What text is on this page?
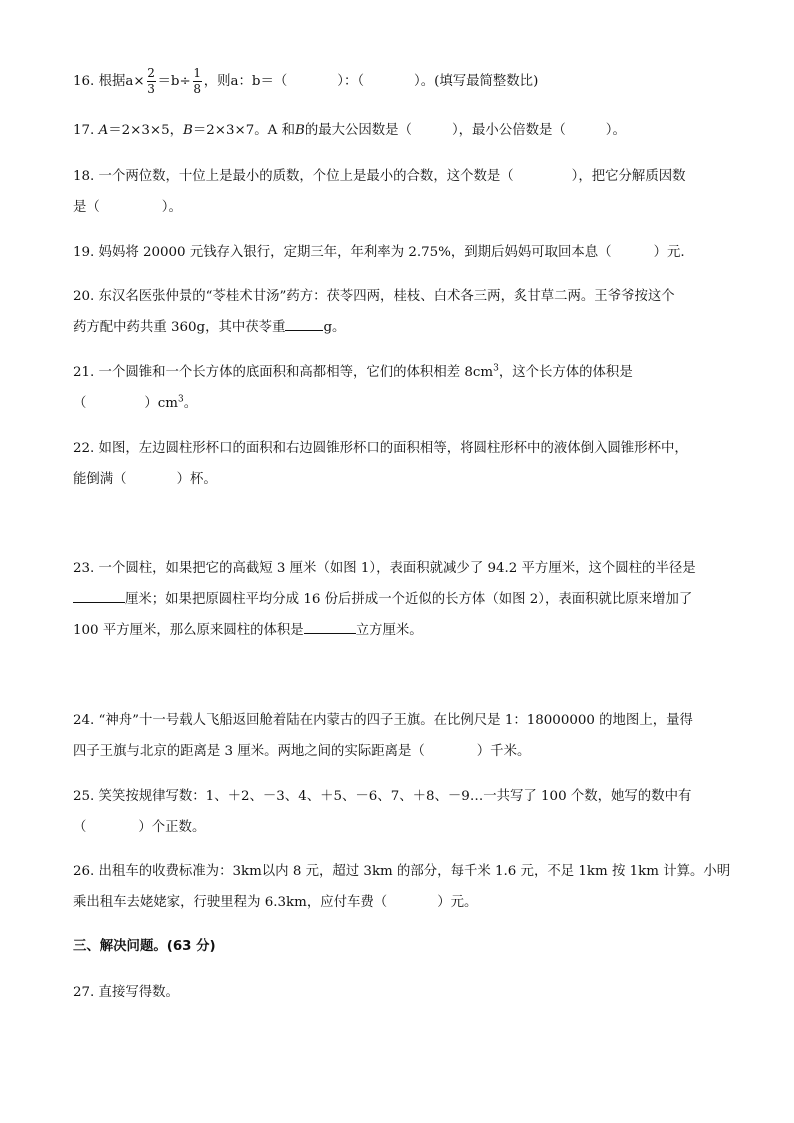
16. 根据$a\times \frac{2}{3} =b\div \frac{1}{8}$ ，则a：b＝（	）：（	）。(填写最简整数比)

17. A＝2×3×5，B＝2×3×7。A 和B的最大公因数是（	），最小公倍数是（	）。

18. 一个两位数，十位上是最小的质数，个位上是最小的合数，这个数是（	），把它分解质因数
是（	）。

19. 妈妈将 20000 元钱存入银行，定期三年，年利率为 2.75%，到期后妈妈可取回本息（	）元.

20. 东汉名医张仲景的“苓桂术甘汤”药方：茯苓四两，桂枝、白术各三两，炙甘草二两。王爷爷按这个
药方配中药共重 360g，其中茯苓重	g。

21. 一个圆锥和一个长方体的底面积和高都相等，它们的体积相差 $8cm^3$，这个长方体的体积是
（	）$cm^3$。

22. 如图，左边圆柱形杯口的面积和右边圆锥形杯口的面积相等，将圆柱形杯中的液体倒入圆锥形杯中，
能倒满（	）杯。

23. 一个圆柱，如果把它的高截短 3 厘米（如图 1），表面积就减少了 94.2 平方厘米，这个圆柱的半径是
厘米；如果把原圆柱平均分成 16 份后拼成一个近似的长方体（如图 2），表面积就比原来增加了
100 平方厘米，那么原来圆柱的体积是	立方厘米。

24. “神舟”十一号载人飞船返回舱着陆在内蒙古的四子王旗。在比例尺是 1：18000000 的地图上，量得
四子王旗与北京的距离是 3 厘米。两地之间的实际距离是（	）千米。

25. 笑笑按规律写数：1、＋2、－3、4、＋5、－6、7、＋8、－9…一共写了 100 个数，她写的数中有
（	）个正数。

26. 出租车的收费标准为：3km以内 8 元，超过 3km 的部分，每千米 1.6 元，不足 1km 按 1km 计算。小明
乘出租车去姥姥家，行驶里程为 6.3km，应付车费（	）元。

三、解决问题。(63 分)

27. 直接写得数。
